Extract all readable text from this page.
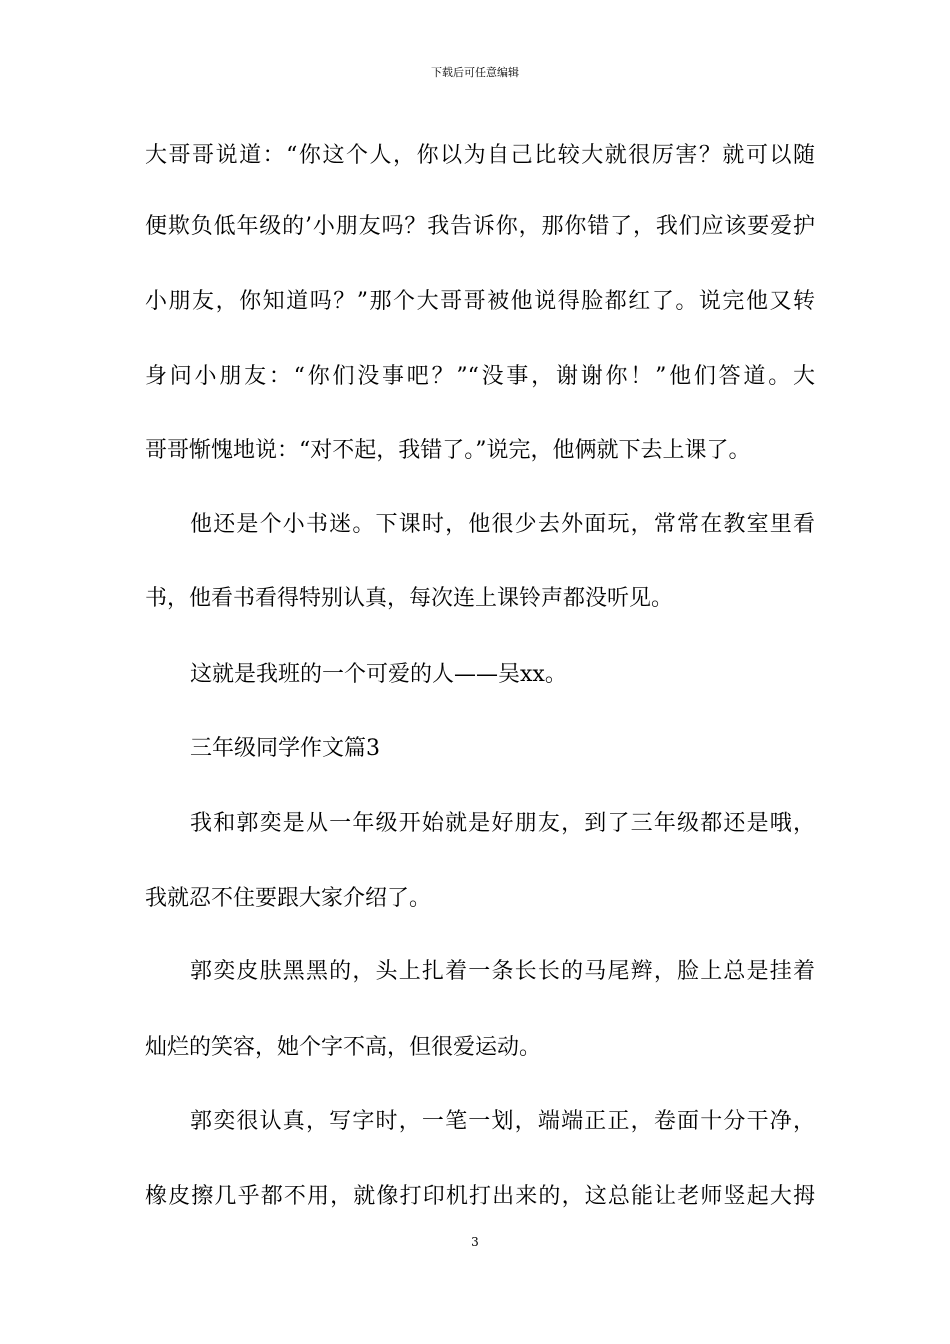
下载后可任意编辑

大哥哥说道：“你这个人，你以为自己比较大就很厉害？就可以随

便欺负低年级的’小朋友吗？我告诉你，那你错了，我们应该要爱护

小朋友，你知道吗？”那个大哥哥被他说得脸都红了。说完他又转

身问小朋友：“你们没事吧？”“没事，谢谢你！”他们答道。大

哥哥惭愧地说：“对不起，我错了。”说完，他俩就下去上课了。

他还是个小书迷。下课时，他很少去外面玩，常常在教室里看

书，他看书看得特别认真，每次连上课铃声都没听见。

这就是我班的一个可爱的人——吴xx。

三年级同学作文篇3

我和郭奕是从一年级开始就是好朋友，到了三年级都还是哦，

我就忍不住要跟大家介绍了。

郭奕皮肤黑黑的，头上扎着一条长长的马尾辫，脸上总是挂着

灿烂的笑容，她个字不高，但很爱运动。

郭奕很认真，写字时，一笔一划，端端正正，卷面十分干净，

橡皮擦几乎都不用，就像打印机打出来的，这总能让老师竖起大拇

3
